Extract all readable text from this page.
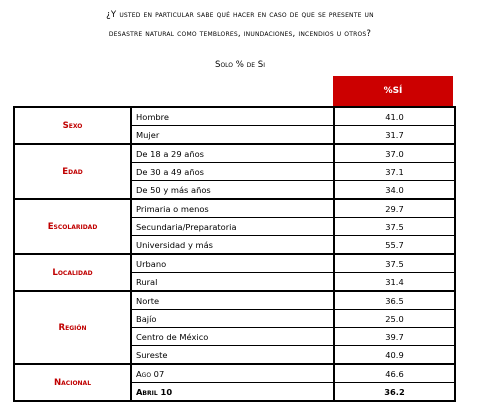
¿Y usted en particular sabe qué hacer en caso de que se presente un
desastre natural como temblores, inundaciones, incendios u otros?
Solo % de Si
%SÍ
Sexo	Hombre	41.0
	Mujer	31.7
Edad	De 18 a 29 años	37.0
	De 30 a 49 años	37.1
	De 50 y más años	34.0
Escolaridad	Primaria o menos	29.7
	Secundaria/Preparatoria	37.5
	Universidad y más	55.7
Localidad	Urbano	37.5
	Rural	31.4
Región	Norte	36.5
	Bajío	25.0
	Centro de México	39.7
	Sureste	40.9
Nacional	Ago 07	46.6
	Abril 10	36.2
